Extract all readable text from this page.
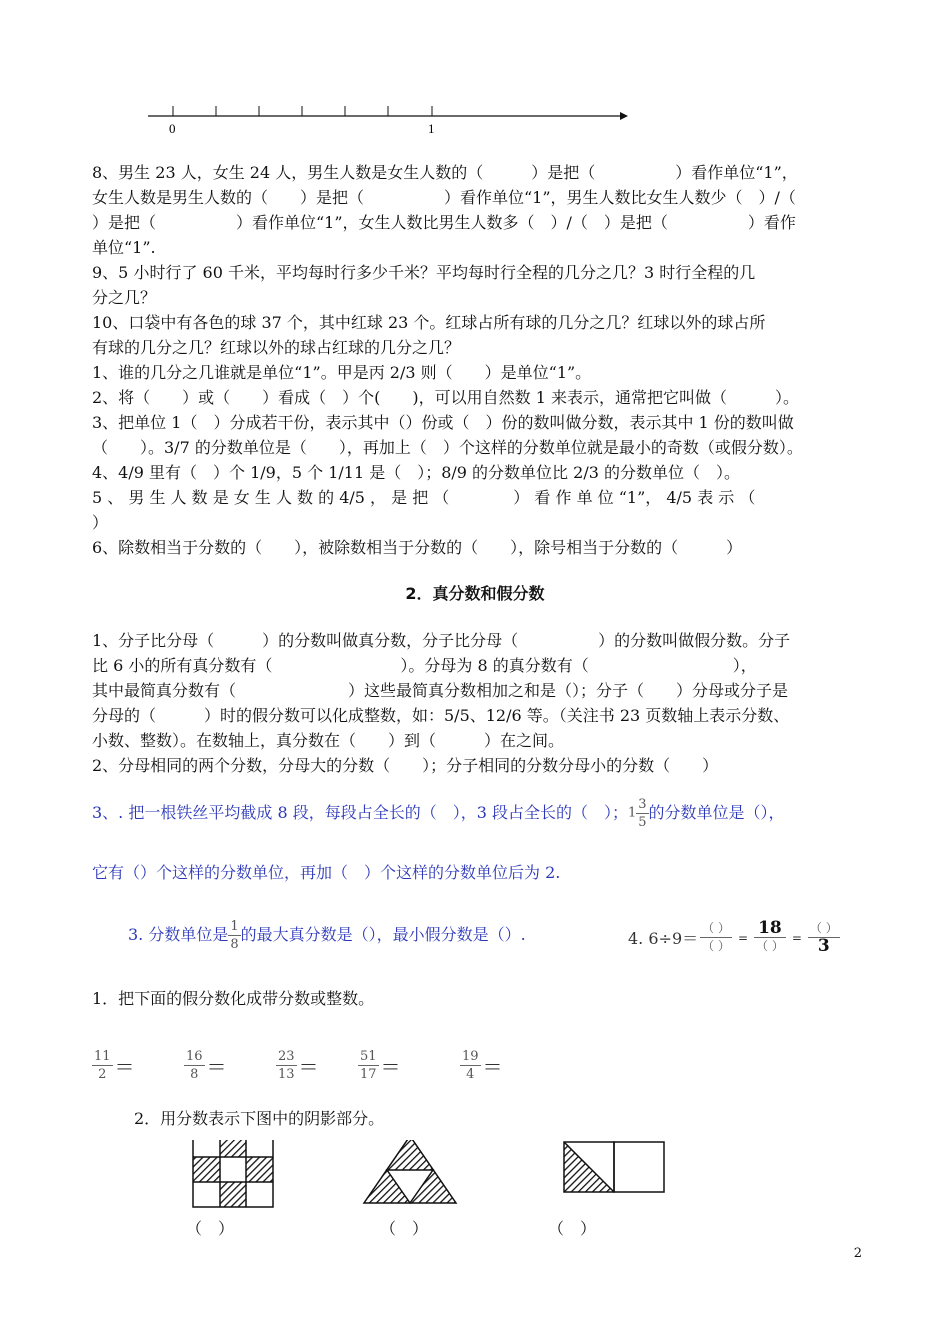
0	1

8、男生 23 人，女生 24 人，男生人数是女生人数的（　　　）是把（　　　　　）看作单位“1”，

女生人数是男生人数的（　　）是把（　　　　　）看作单位“1”，男生人数比女生人数少（　）/（

）是把（　　　　　）看作单位“1”，女生人数比男生人数多（　）/（　）是把（　　　　　）看作

单位“1”.

9、5 小时行了 60 千米，平均每时行多少千米？平均每时行全程的几分之几？3 时行全程的几

分之几？

10、口袋中有各色的球 37 个，其中红球 23 个。红球占所有球的几分之几？红球以外的球占所

有球的几分之几？红球以外的球占红球的几分之几？

1、谁的几分之几谁就是单位“1”。甲是丙 2/3 则（　　）是单位“1”。

2、将（　　）或（　　）看成（　）个(　　)，可以用自然数 1 来表示，通常把它叫做（　　　）。

3、把单位 1（　）分成若干份，表示其中（）份或（　）份的数叫做分数，表示其中 1 份的数叫做

（　　）。3/7 的分数单位是（　　），再加上（　）个这样的分数单位就是最小的奇数（或假分数）。

4、4/9 里有（　）个 1/9，5 个 1/11 是（　）；8/9 的分数单位比 2/3 的分数单位（　）。

5 、 男 生 人 数 是 女 生 人 数 的 4/5 ， 是 把 （　　　　） 看 作 单 位 “1”， 4/5 表 示 （

）

6、除数相当于分数的（　　），被除数相当于分数的（　　），除号相当于分数的（　　　）

2．真分数和假分数

1、分子比分母（　　　）的分数叫做真分数，分子比分母（　　　　　）的分数叫做假分数。分子

比 6 小的所有真分数有（　　　　　　　　）。分母为 8 的真分数有（　　　　　　　　　），

其中最简真分数有（　　　　　　　）这些最简真分数相加之和是（）；分子（　　）分母或分子是

分母的（　　　）时的假分数可以化成整数，如：5/5、12/6 等。（关注书 23 页数轴上表示分数、

小数、整数）。在数轴上，真分数在（　　）到（　　　）在之间。

2、分母相同的两个分数，分母大的分数（　　）；分子相同的分数分母小的分数（　　）

3、. 把一根铁丝平均截成 8 段，每段占全长的（　），3 段占全长的（　）；$1 \frac{3}{5}$ 的分数单位是（），
它有（）个这样的分数单位，再加（　）个这样的分数单位后为 2.
3. 分数单位是 $\frac{1}{8}$ 的最大真分数是（），最小假分数是（）.	4. $6\div 9= \frac{( )}{( )} = \frac{18}{( )} = \frac{( )}{3}$
1．把下面的假分数化成带分数或整数。
$\frac{11}{2}$ ＝	$\frac{16}{8}$ ＝	$\frac{23}{13}$ ＝	$\frac{51}{17}$ ＝	$\frac{19}{4}$ ＝
2．用分数表示下图中的阴影部分。
（　）	（　）	（　）
2
